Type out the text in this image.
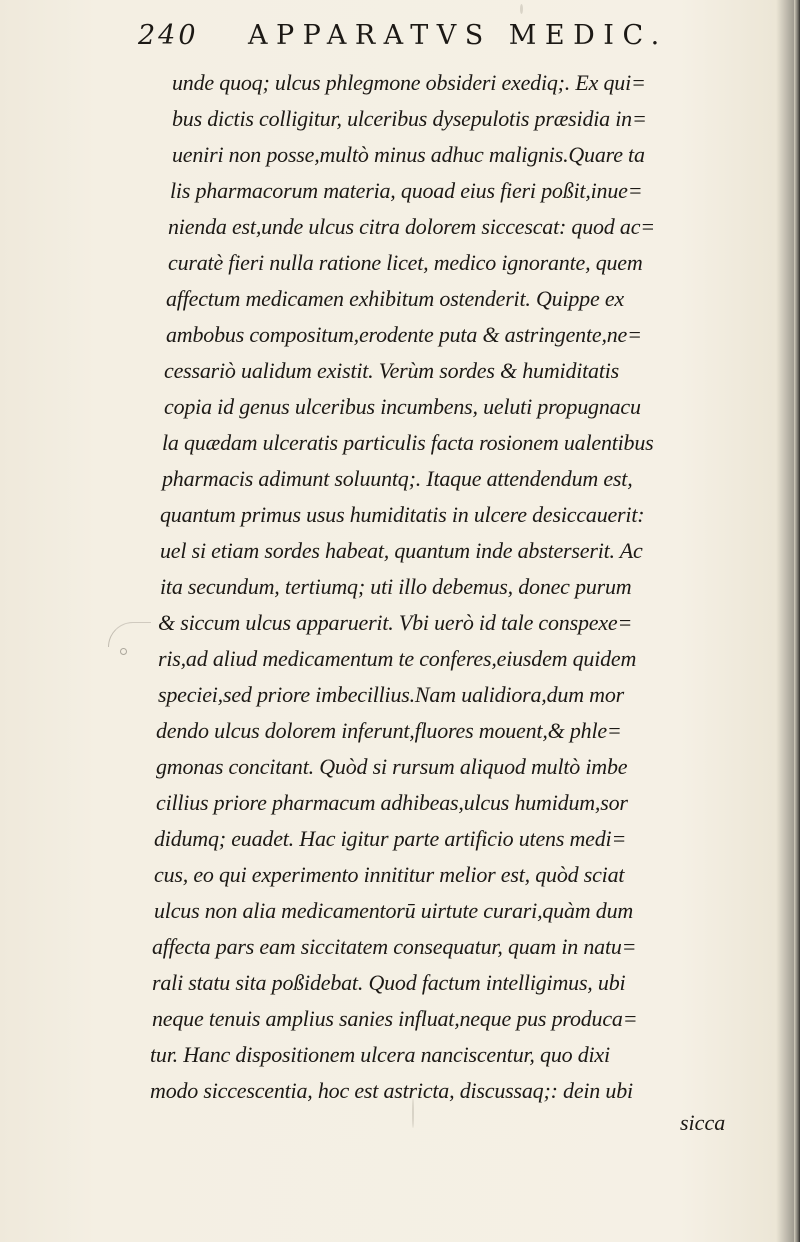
240 APPARATVS MEDIC.
unde quoq; ulcus phlegmone obsideri exediq;. Ex qui=
bus dictis colligitur, ulceribus dysepulotis præsidia in=
ueniri non posse,multò minus adhuc malignis.Quare ta
lis pharmacorum materia, quoad eius fieri poßit,inue=
nienda est,unde ulcus citra dolorem siccescat: quod ac=
curatè fieri nulla ratione licet, medico ignorante, quem
affectum medicamen exhibitum ostenderit. Quippe ex
ambobus compositum,erodente puta & astringente,ne=
cessariò ualidum existit. Verùm sordes & humiditatis
copia id genus ulceribus incumbens, ueluti propugnacu
la quædam ulceratis particulis facta rosionem ualentibus
pharmacis adimunt soluuntq;. Itaque attendendum est,
quantum primus usus humiditatis in ulcere desiccauerit:
uel si etiam sordes habeat, quantum inde absterserit. Ac
ita secundum, tertiumq; uti illo debemus, donec purum
& siccum ulcus apparuerit. Vbi uerò id tale conspexe=
ris,ad aliud medicamentum te conferes,eiusdem quidem
speciei,sed priore imbecillius.Nam ualidiora,dum mor
dendo ulcus dolorem inferunt,fluores mouent,& phle=
gmonas concitant. Quòd si rursum aliquod multò imbe
cillius priore pharmacum adhibeas,ulcus humidum,sor
didumq; euadet. Hac igitur parte artificio utens medi=
cus, eo qui experimento innititur melior est, quòd sciat
ulcus non alia medicamentorū uirtute curari,quàm dum
affecta pars eam siccitatem consequatur, quam in natu=
rali statu sita poßidebat. Quod factum intelligimus, ubi
neque tenuis amplius sanies influat,neque pus produca=
tur. Hanc dispositionem ulcera nanciscentur, quo dixi
modo siccescentia, hoc est astricta, discussaq;: dein ubi
sicca
